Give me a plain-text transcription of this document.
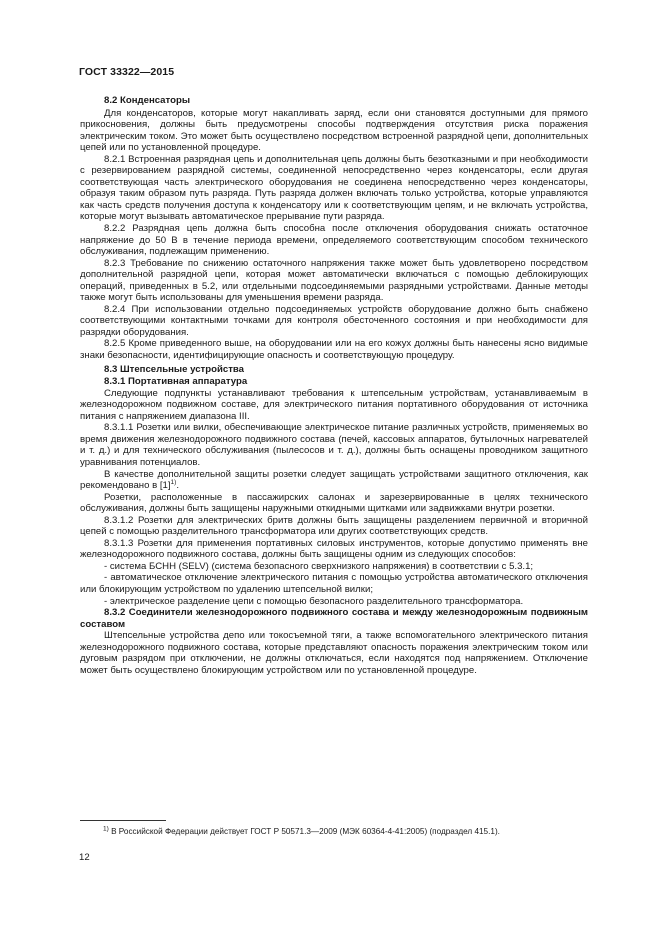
ГОСТ 33322—2015

8.2 Конденсаторы

Для конденсаторов, которые могут накапливать заряд, если они становятся доступными для прямого прикосновения, должны быть предусмотрены способы подтверждения отсутствия риска поражения электрическим током. Это может быть осуществлено посредством встроенной разрядной цепи, дополнительных цепей или по установленной процедуре.

8.2.1 Встроенная разрядная цепь и дополнительная цепь должны быть безотказными и при необходимости с резервированием разрядной системы, соединенной непосредственно через конденсаторы, если другая соответствующая часть электрического оборудования не соединена непосредственно через конденсаторы, образуя таким образом путь разряда. Путь разряда должен включать только устройства, которые управляются как часть средств получения доступа к конденсатору или к соответствующим цепям, и не включать устройства, которые могут вызывать автоматическое прерывание пути разряда.

8.2.2 Разрядная цепь должна быть способна после отключения оборудования снижать остаточное напряжение до 50 В в течение периода времени, определяемого соответствующим способом технического обслуживания, подлежащим применению.

8.2.3 Требование по снижению остаточного напряжения также может быть удовлетворено посредством дополнительной разрядной цепи, которая может автоматически включаться с помощью деблокирующих операций, приведенных в 5.2, или отдельными подсоединяемыми разрядными устройствами. Данные методы также могут быть использованы для уменьшения времени разряда.

8.2.4 При использовании отдельно подсоединяемых устройств оборудование должно быть снабжено соответствующими контактными точками для контроля обесточенного состояния и при необходимости для разрядки оборудования.

8.2.5 Кроме приведенного выше, на оборудовании или на его кожух должны быть нанесены ясно видимые знаки безопасности, идентифицирующие опасность и соответствующую процедуру.

8.3 Штепсельные устройства

8.3.1 Портативная аппаратура

Следующие подпункты устанавливают требования к штепсельным устройствам, устанавливаемым в железнодорожном подвижном составе, для электрического питания портативного оборудования от источника питания с напряжением диапазона III.

8.3.1.1 Розетки или вилки, обеспечивающие электрическое питание различных устройств, применяемых во время движения железнодорожного подвижного состава (печей, кассовых аппаратов, бутылочных нагревателей и т. д.) и для технического обслуживания (пылесосов и т. д.), должны быть оснащены проводником защитного уравнивания потенциалов.

В качестве дополнительной защиты розетки следует защищать устройствами защитного отключения, как рекомендовано в $[1]^{1)}$.

Розетки, расположенные в пассажирских салонах и зарезервированные в целях технического обслуживания, должны быть защищены наружными откидными щитками или задвижками внутри розетки.

8.3.1.2 Розетки для электрических бритв должны быть защищены разделением первичной и вторичной цепей с помощью разделительного трансформатора или других соответствующих средств.

8.3.1.3 Розетки для применения портативных силовых инструментов, которые допустимо применять вне железнодорожного подвижного состава, должны быть защищены одним из следующих способов:

- система БСНН (SELV) (система безопасного сверхнизкого напряжения) в соответствии с 5.3.1;

- автоматическое отключение электрического питания с помощью устройства автоматического отключения или блокирующим устройством по удалению штепсельной вилки;

- электрическое разделение цепи с помощью безопасного разделительного трансформатора.

8.3.2 Соединители железнодорожного подвижного состава и между железнодорожным подвижным составом

Штепсельные устройства депо или токосъемной тяги, а также вспомогательного электрического питания железнодорожного подвижного состава, которые представляют опасность поражения электрическим током или дуговым разрядом при отключении, не должны отключаться, если находятся под напряжением. Отключение может быть осуществлено блокирующим устройством или по установленной процедуре.

$^{1)}$ В Российской Федерации действует ГОСТ Р 50571.3—2009 (МЭК 60364-4-41:2005) (подраздел 415.1).
12
